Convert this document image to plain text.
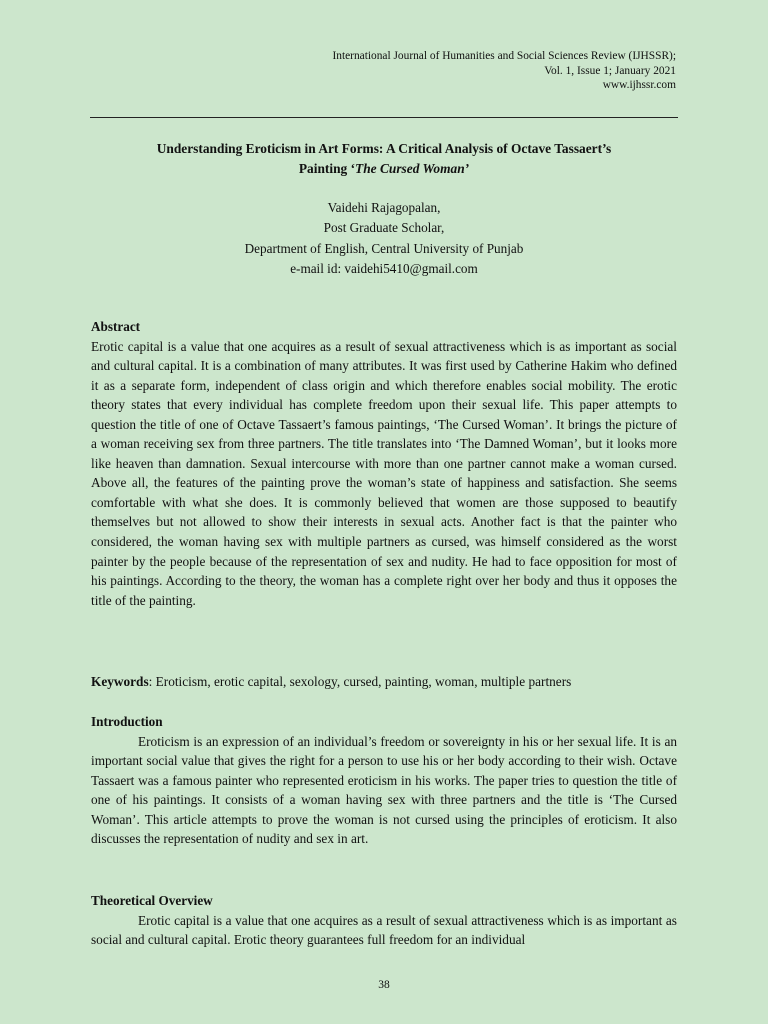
International Journal of Humanities and Social Sciences Review (IJHSSR);
Vol. 1, Issue 1; January 2021
www.ijhssr.com
Understanding Eroticism in Art Forms: A Critical Analysis of Octave Tassaert’s
Painting ‘The Cursed Woman’
Vaidehi Rajagopalan,
Post Graduate Scholar,
Department of English, Central University of Punjab
e-mail id: vaidehi5410@gmail.com
Abstract

Erotic capital is a value that one acquires as a result of sexual attractiveness which is as important as social and cultural capital. It is a combination of many attributes. It was first used by Catherine Hakim who defined it as a separate form, independent of class origin and which therefore enables social mobility. The erotic theory states that every individual has complete freedom upon their sexual life. This paper attempts to question the title of one of Octave Tassaert’s famous paintings, ‘The Cursed Woman’. It brings the picture of a woman receiving sex from three partners. The title translates into ‘The Damned Woman’, but it looks more like heaven than damnation. Sexual intercourse with more than one partner cannot make a woman cursed. Above all, the features of the painting prove the woman’s state of happiness and satisfaction. She seems comfortable with what she does. It is commonly believed that women are those supposed to beautify themselves but not allowed to show their interests in sexual acts. Another fact is that the painter who considered, the woman having sex with multiple partners as cursed, was himself considered as the worst painter by the people because of the representation of sex and nudity. He had to face opposition for most of his paintings. According to the theory, the woman has a complete right over her body and thus it opposes the title of the painting.

Keywords: Eroticism, erotic capital, sexology, cursed, painting, woman, multiple partners
Introduction

Eroticism is an expression of an individual’s freedom or sovereignty in his or her sexual life. It is an important social value that gives the right for a person to use his or her body according to their wish. Octave Tassaert was a famous painter who represented eroticism in his works. The paper tries to question the title of one of his paintings. It consists of a woman having sex with three partners and the title is ‘The Cursed Woman’. This article attempts to prove the woman is not cursed using the principles of eroticism. It also discusses the representation of nudity and sex in art.

Theoretical Overview

Erotic capital is a value that one acquires as a result of sexual attractiveness which is as important as social and cultural capital. Erotic theory guarantees full freedom for an individual

38
